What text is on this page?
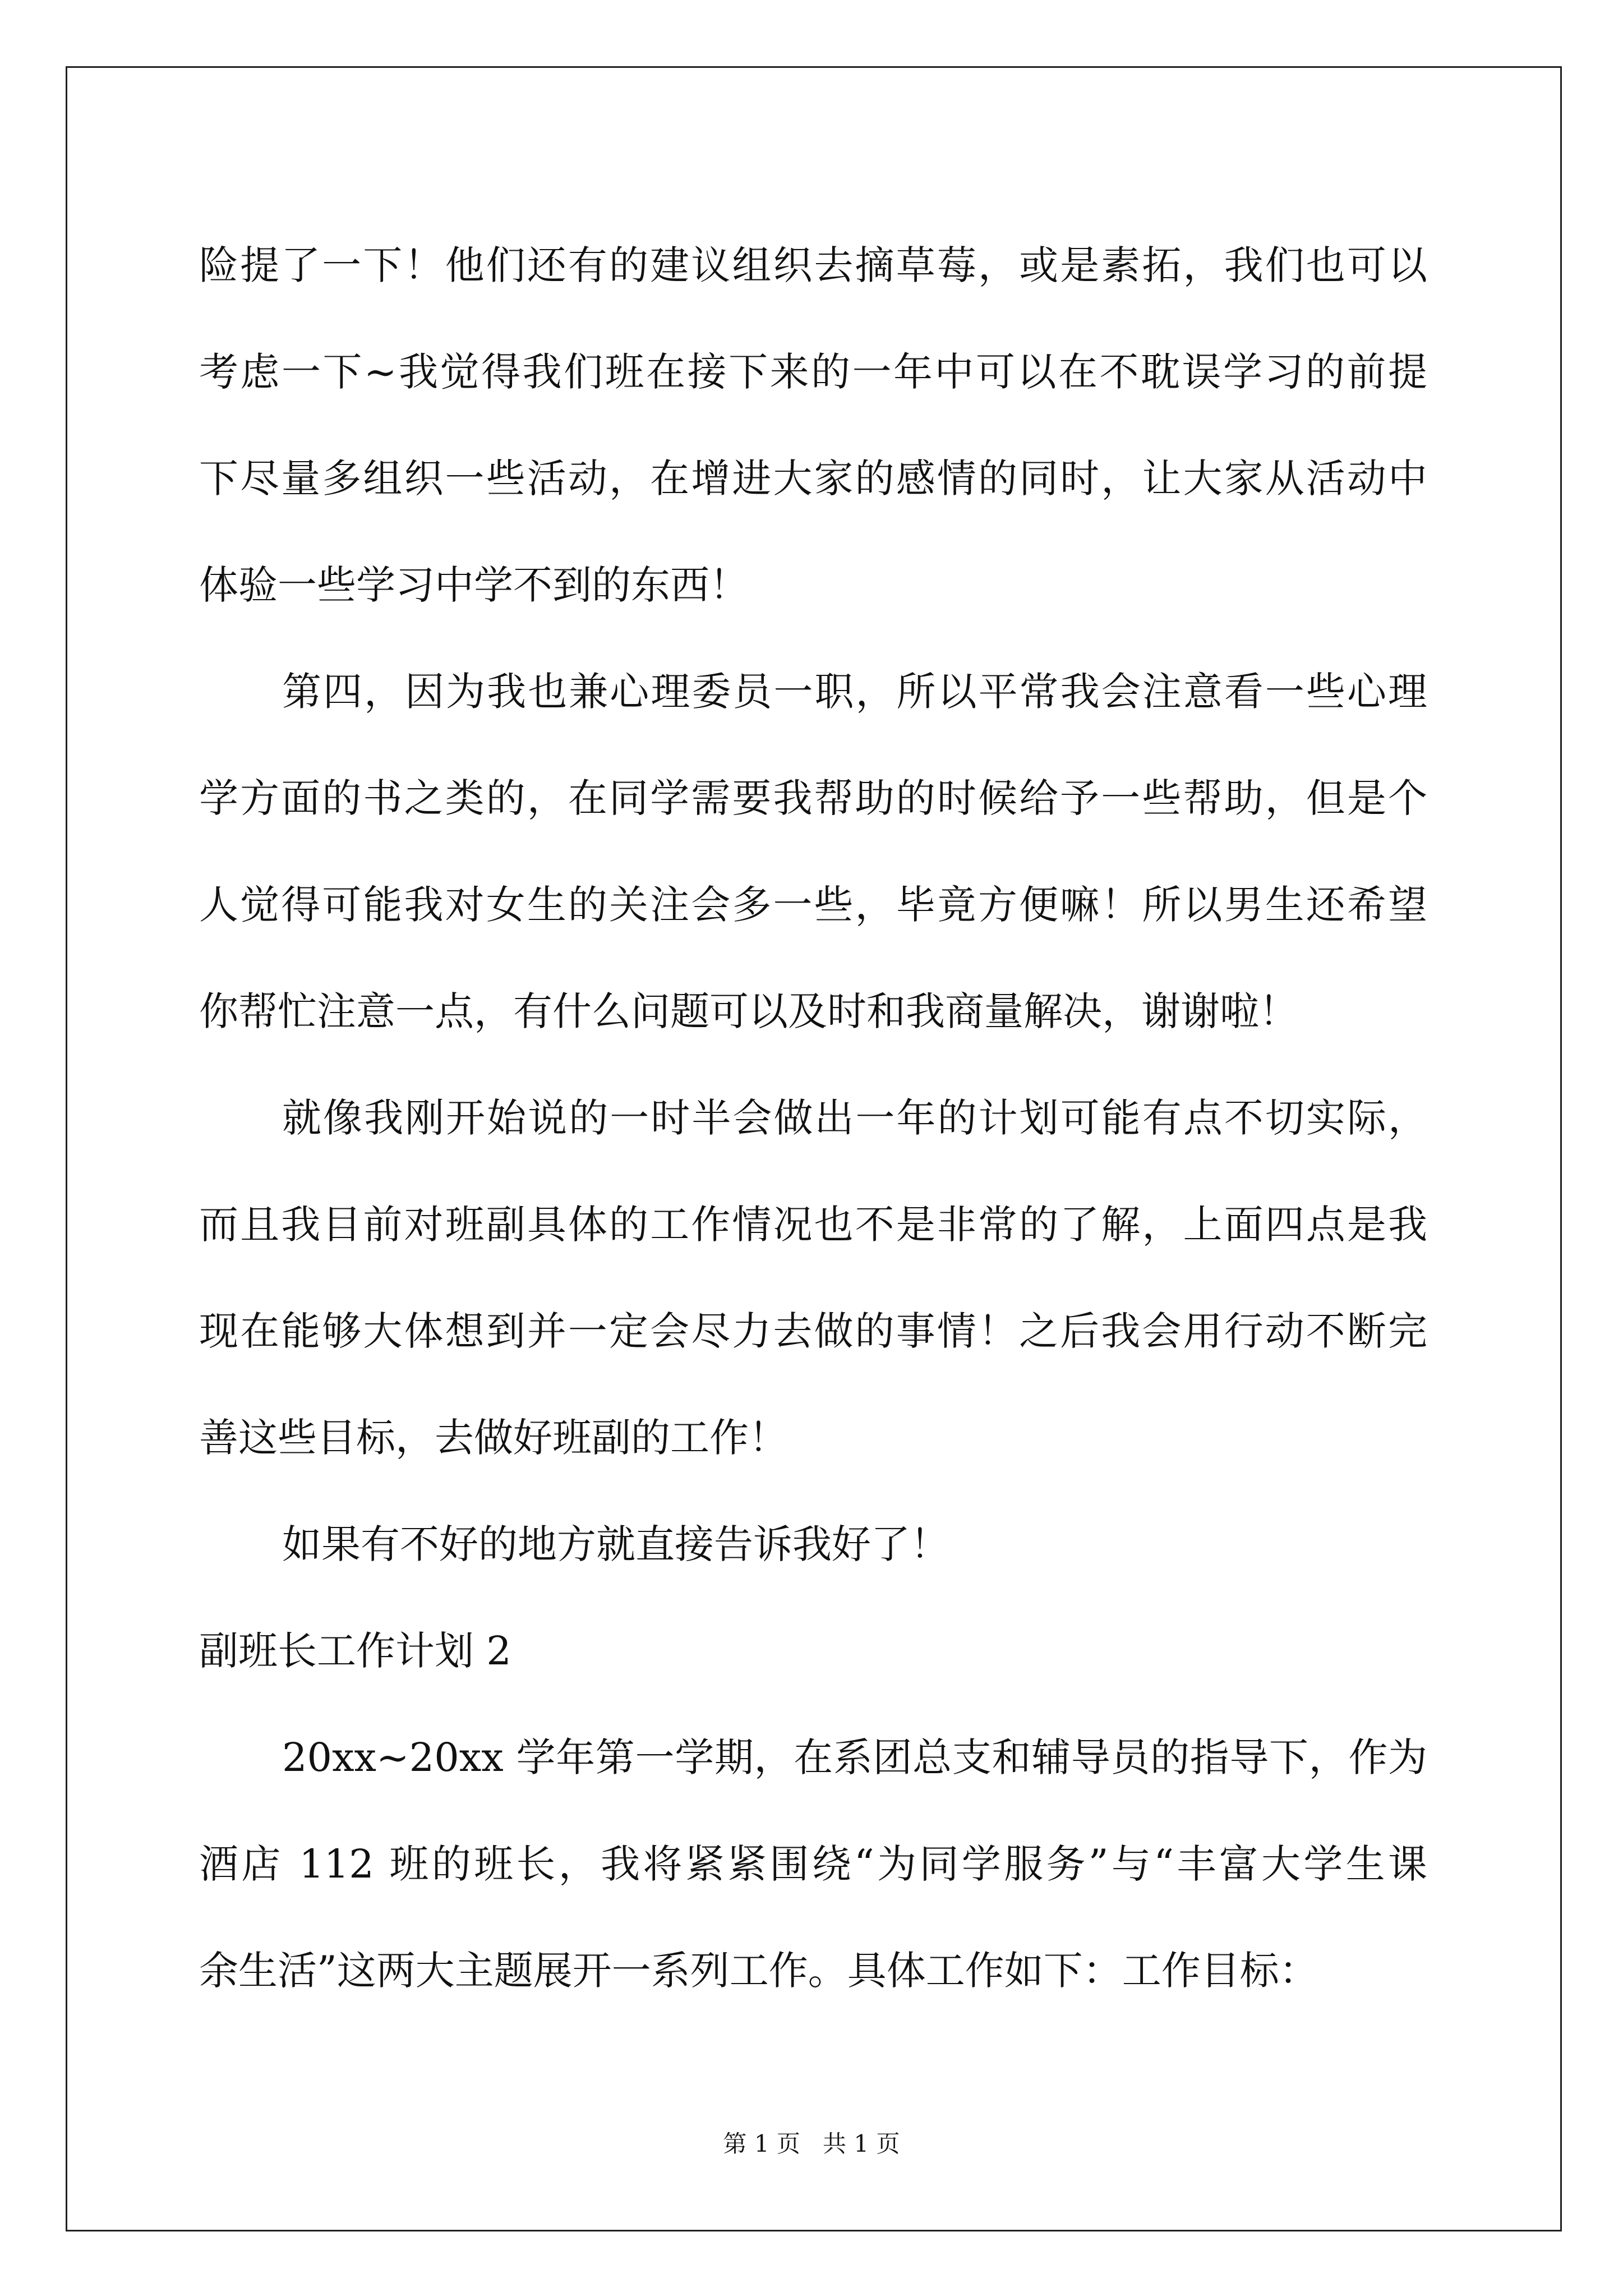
险提了一下！他们还有的建议组织去摘草莓，或是素拓，我们也可以
考虑一下~我觉得我们班在接下来的一年中可以在不耽误学习的前提
下尽量多组织一些活动，在增进大家的感情的同时，让大家从活动中
体验一些学习中学不到的东西！
第四，因为我也兼心理委员一职，所以平常我会注意看一些心理
学方面的书之类的，在同学需要我帮助的时候给予一些帮助，但是个
人觉得可能我对女生的关注会多一些，毕竟方便嘛！所以男生还希望
你帮忙注意一点，有什么问题可以及时和我商量解决，谢谢啦！
就像我刚开始说的一时半会做出一年的计划可能有点不切实际，
而且我目前对班副具体的工作情况也不是非常的了解，上面四点是我
现在能够大体想到并一定会尽力去做的事情！之后我会用行动不断完
善这些目标，去做好班副的工作！
如果有不好的地方就直接告诉我好了！
副班长工作计划 2
20xx~20xx 学年第一学期，在系团总支和辅导员的指导下，作为
酒店 112 班的班长，我将紧紧围绕“为同学服务”与“丰富大学生课
余生活”这两大主题展开一系列工作。具体工作如下：工作目标：
第 1 页   共 1 页
